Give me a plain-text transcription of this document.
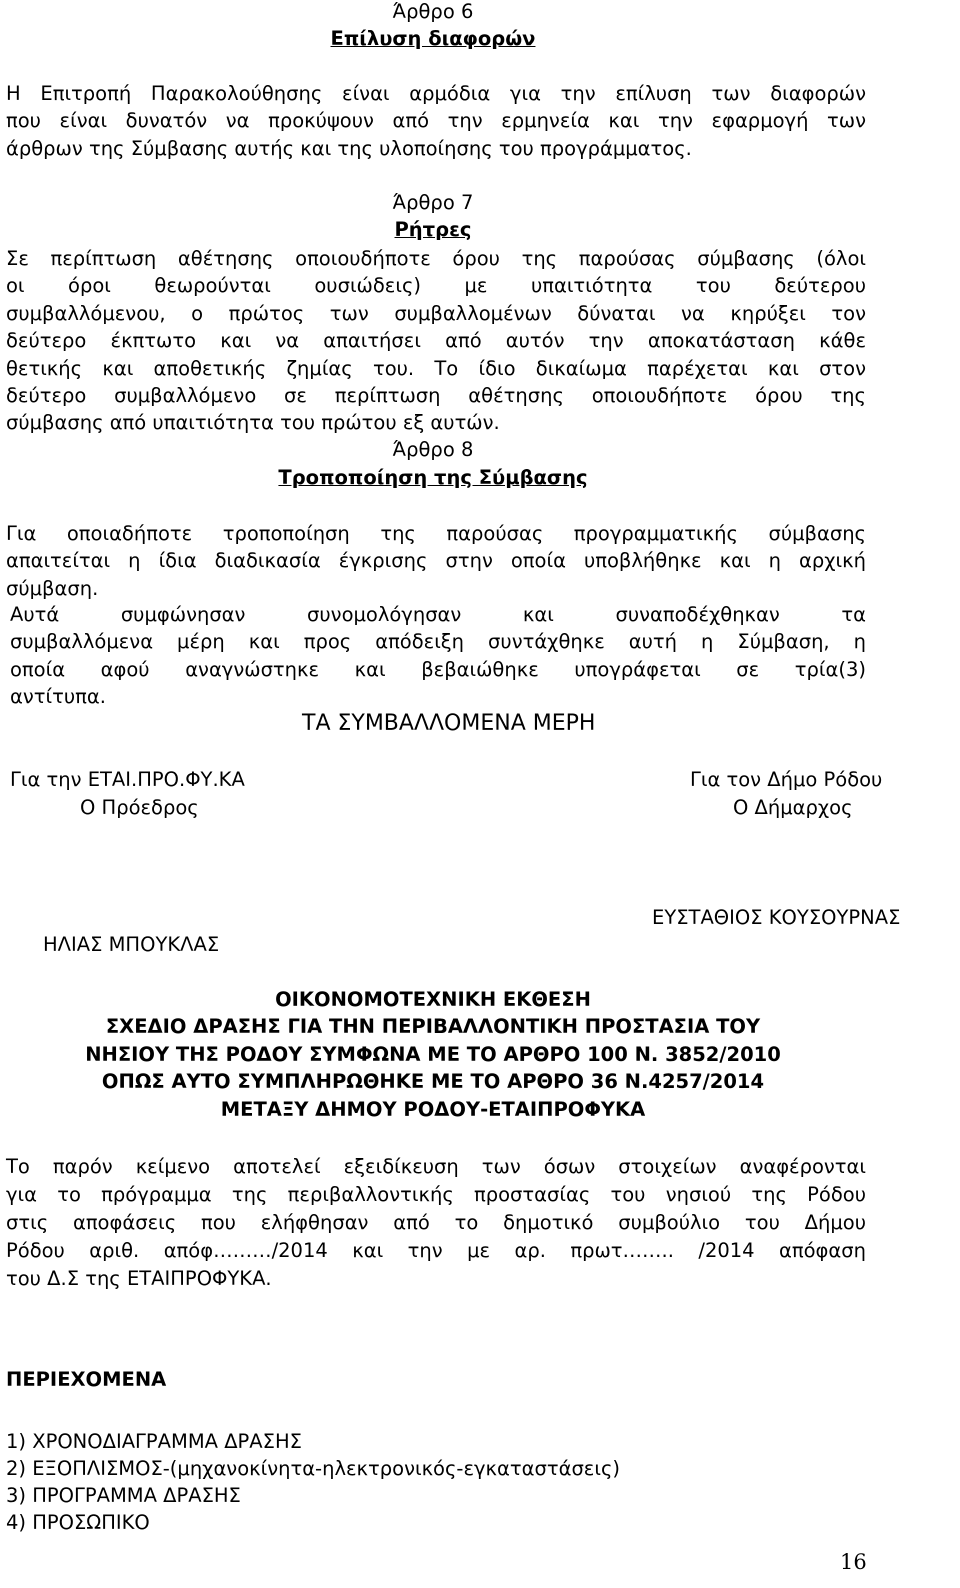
Άρθρο 6
Επίλυση διαφορών
Η Επιτροπή Παρακολούθησης είναι αρμόδια για την επίλυση των διαφορών
που είναι δυνατόν να προκύψουν από την ερμηνεία και την εφαρμογή των
άρθρων της Σύμβασης αυτής και της υλοποίησης του προγράμματος.
Άρθρο 7
Ρήτρες
Σε περίπτωση αθέτησης οποιουδήποτε όρου της παρούσας σύμβασης (όλοι
οι όροι θεωρούνται ουσιώδεις) με υπαιτιότητα του δεύτερου
συμβαλλόμενου, ο πρώτος των συμβαλλομένων δύναται να κηρύξει τον
δεύτερο έκπτωτο και να απαιτήσει από αυτόν την αποκατάσταση κάθε
θετικής και αποθετικής ζημίας του. Το ίδιο δικαίωμα παρέχεται και στον
δεύτερο συμβαλλόμενο σε περίπτωση αθέτησης οποιουδήποτε όρου της
σύμβασης από υπαιτιότητα του πρώτου εξ αυτών.
Άρθρο 8
Τροποποίηση της Σύμβασης
Για οποιαδήποτε τροποποίηση της παρούσας προγραμματικής σύμβασης
απαιτείται η ίδια διαδικασία έγκρισης στην οποία υποβλήθηκε και η αρχική
σύμβαση.
Αυτά συμφώνησαν συνομολόγησαν και συναποδέχθηκαν τα
συμβαλλόμενα μέρη και προς απόδειξη συντάχθηκε αυτή η Σύμβαση, η
οποία αφού αναγνώστηκε και βεβαιώθηκε υπογράφεται σε τρία(3)
αντίτυπα.
ΤΑ ΣΥΜΒΑΛΛΟΜΕΝΑ ΜΕΡΗ
Για την ΕΤΑΙ.ΠΡΟ.ΦΥ.ΚΑ
Ο Πρόεδρος
Για τον Δήμο Ρόδου
Ο Δήμαρχος
ΕΥΣΤΑΘΙΟΣ ΚΟΥΣΟΥΡΝΑΣ
ΗΛΙΑΣ ΜΠΟΥΚΛΑΣ
ΟΙΚΟΝΟΜΟΤΕΧΝΙΚΗ ΕΚΘΕΣΗ
ΣΧΕΔΙΟ ΔΡΑΣΗΣ ΓΙΑ ΤΗΝ ΠΕΡΙΒΑΛΛΟΝΤΙΚΗ ΠΡΟΣΤΑΣΙΑ ΤΟΥ
ΝΗΣΙΟΥ ΤΗΣ ΡΟΔΟΥ ΣΥΜΦΩΝΑ ΜΕ ΤΟ ΑΡΘΡΟ 100 Ν. 3852/2010
ΟΠΩΣ ΑΥΤΟ ΣΥΜΠΛΗΡΩΘΗΚΕ ΜΕ ΤΟ ΑΡΘΡΟ 36 Ν.4257/2014
ΜΕΤΑΞΥ ΔΗΜΟΥ ΡΟΔΟΥ-ΕΤΑΙΠΡΟΦΥΚΑ
Το παρόν κείμενο αποτελεί εξειδίκευση των όσων στοιχείων αναφέρονται
για το πρόγραμμα της περιβαλλοντικής προστασίας του νησιού της Ρόδου
στις αποφάσεις που ελήφθησαν από το δημοτικό συμβούλιο του Δήμου
Ρόδου αριθ. απόφ………/2014 και την με αρ. πρωτ…….. /2014 απόφαση
του Δ.Σ της ΕΤΑΙΠΡΟΦΥΚΑ.
ΠΕΡΙΕΧΟΜΕΝΑ
1) ΧΡΟΝΟΔΙΑΓΡΑΜΜΑ ΔΡΑΣΗΣ
2) ΕΞΟΠΛΙΣΜΟΣ-(μηχανοκίνητα-ηλεκτρονικός-εγκαταστάσεις)
3) ΠΡΟΓΡΑΜΜΑ ΔΡΑΣΗΣ
4) ΠΡΟΣΩΠΙΚΟ
16
